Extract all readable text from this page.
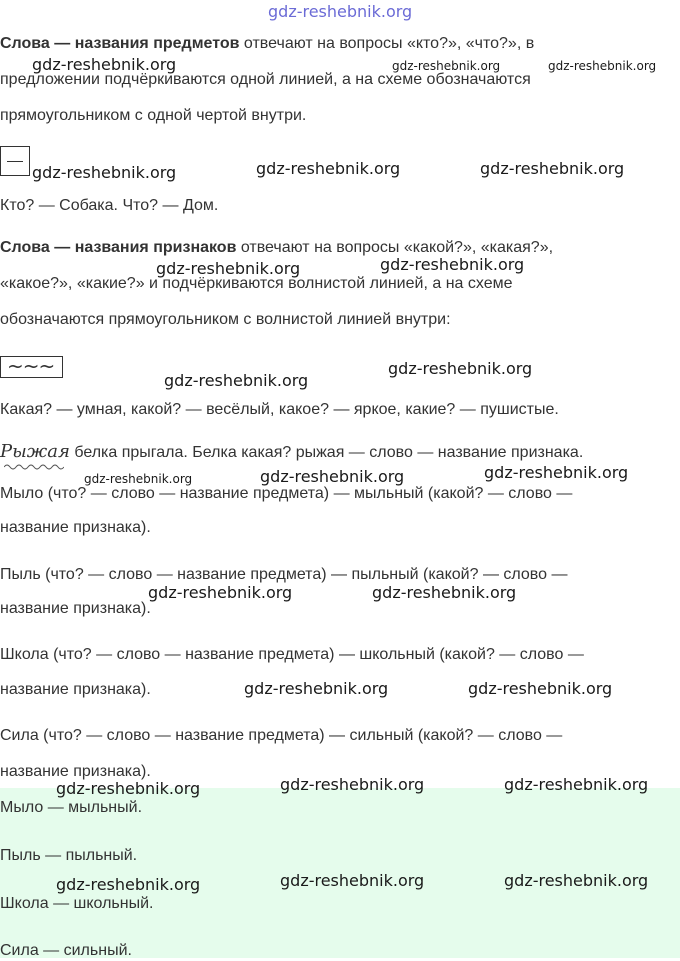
gdz-reshebnik.org
Слова — названия предметов отвечают на вопросы «кто?», «что?», в
предложении подчёркиваются одной линией, а на схеме обозначаются
прямоугольником с одной чертой внутри.
Кто? — Собака. Что? — Дом.
Слова — названия признаков отвечают на вопросы «какой?», «какая?»,
«какое?», «какие?» и подчёркиваются волнистой линией, а на схеме
обозначаются прямоугольником с волнистой линией внутри:
~~~
Какая? — умная, какой? — весёлый, какое? — яркое, какие? — пушистые.
Рыжая белка прыгала. Белка какая? рыжая — слово — название признака.
Мыло (что? — слово — название предмета) — мыльный (какой? — слово —
название признака).
Пыль (что? — слово — название предмета) — пыльный (какой? — слово —
название признака).
Школа (что? — слово — название предмета) — школьный (какой? — слово —
название признака).
Сила (что? — слово — название предмета) — сильный (какой? — слово —
название признака).
Мыло — мыльный.
Пыль — пыльный.
Школа — школьный.
Сила — сильный.
gdz-reshebnik.org	gdz-reshebnik.org	gdz-reshebnik.org
gdz-reshebnik.org	gdz-reshebnik.org	gdz-reshebnik.org
gdz-reshebnik.org	gdz-reshebnik.org
gdz-reshebnik.org
gdz-reshebnik.org
gdz-reshebnik.org	gdz-reshebnik.org	gdz-reshebnik.org
gdz-reshebnik.org	gdz-reshebnik.org
gdz-reshebnik.org	gdz-reshebnik.org
gdz-reshebnik.org	gdz-reshebnik.org	gdz-reshebnik.org
gdz-reshebnik.org	gdz-reshebnik.org	gdz-reshebnik.org
